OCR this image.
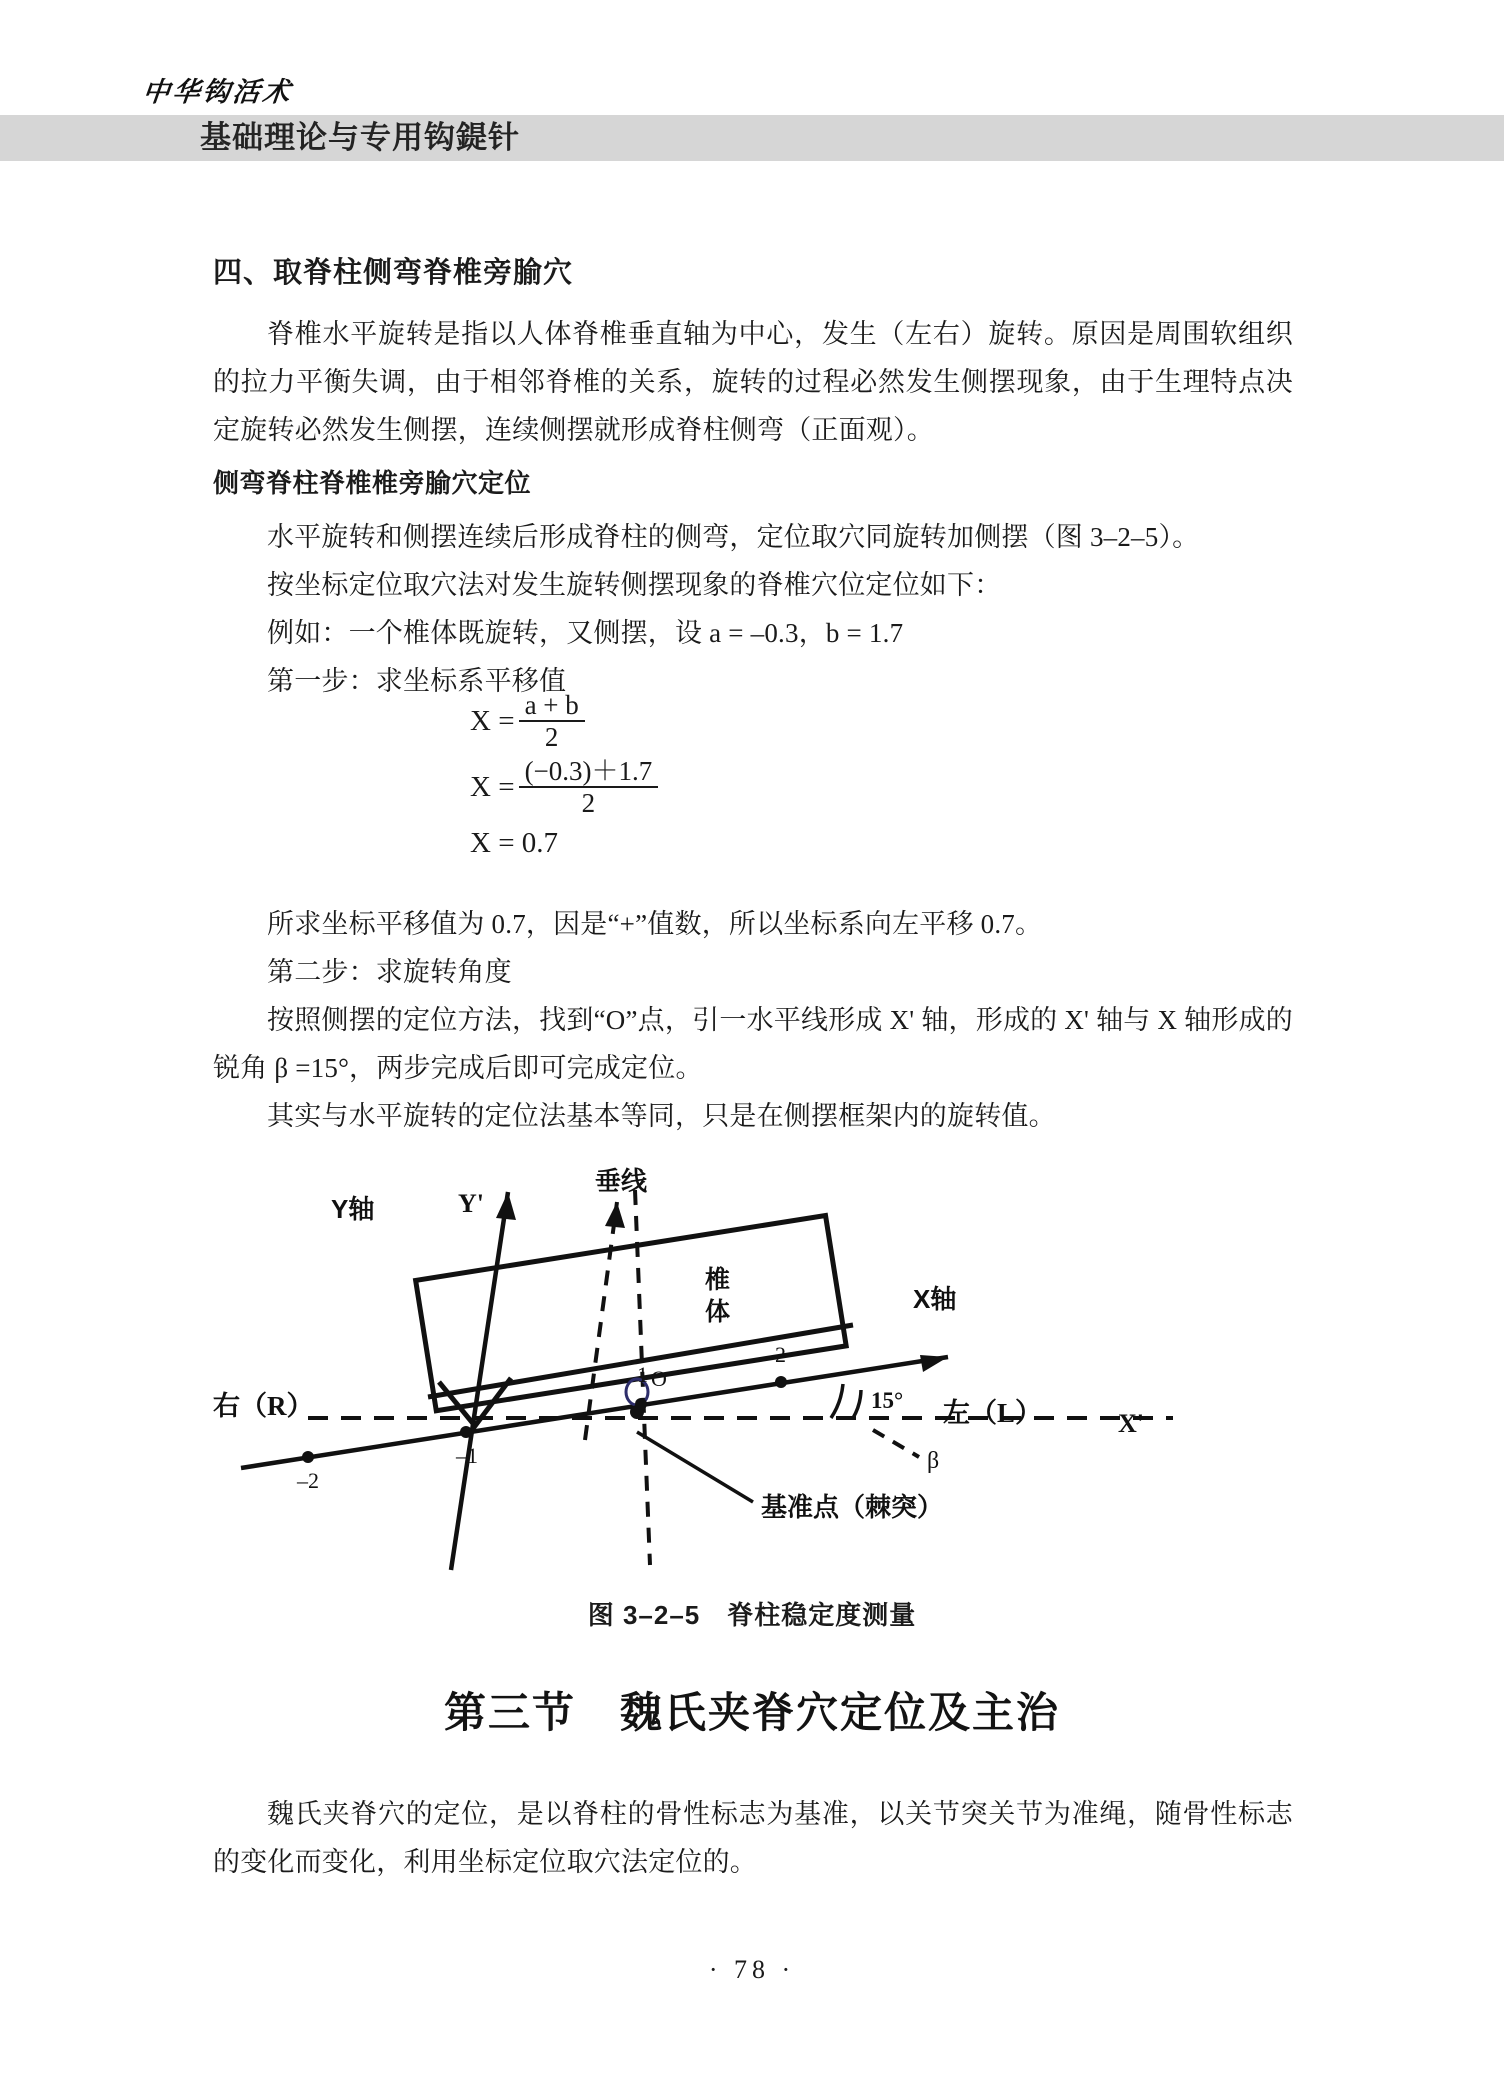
中华钩活术
基础理论与专用钩鍉针
四、取脊柱侧弯脊椎旁腧穴

脊椎水平旋转是指以人体脊椎垂直轴为中心，发生（左右）旋转。原因是周围软组织的拉力平衡失调，由于相邻脊椎的关系，旋转的过程必然发生侧摆现象，由于生理特点决定旋转必然发生侧摆，连续侧摆就形成脊柱侧弯（正面观）。

侧弯脊柱脊椎椎旁腧穴定位

水平旋转和侧摆连续后形成脊柱的侧弯，定位取穴同旋转加侧摆（图 3–2–5）。

按坐标定位取穴法对发生旋转侧摆现象的脊椎穴位定位如下：

例如：一个椎体既旋转，又侧摆，设 a = –0.3，b = 1.7

第一步：求坐标系平移值

$X = \frac{a + b}{2}$
$X = \frac{(-0.3)+1.7}{2}$
X = 0.7

所求坐标平移值为 0.7，因是“+”值数，所以坐标系向左平移 0.7。

第二步：求旋转角度

按照侧摆的定位方法，找到“O”点，引一水平线形成 X' 轴，形成的 X' 轴与 X 轴形成的锐角 β =15°，两步完成后即可完成定位。

其实与水平旋转的定位法基本等同，只是在侧摆框架内的旋转值。

–2
–1
1
2
Y轴	Y'
垂线
X轴
X'
椎
体
右（R）	左（L）
O
15°
β
基准点（棘突）
图 3–2–5　脊柱稳定度测量
第三节　魏氏夹脊穴定位及主治

魏氏夹脊穴的定位，是以脊柱的骨性标志为基准，以关节突关节为准绳，随骨性标志的变化而变化，利用坐标定位取穴法定位的。

· 78 ·
